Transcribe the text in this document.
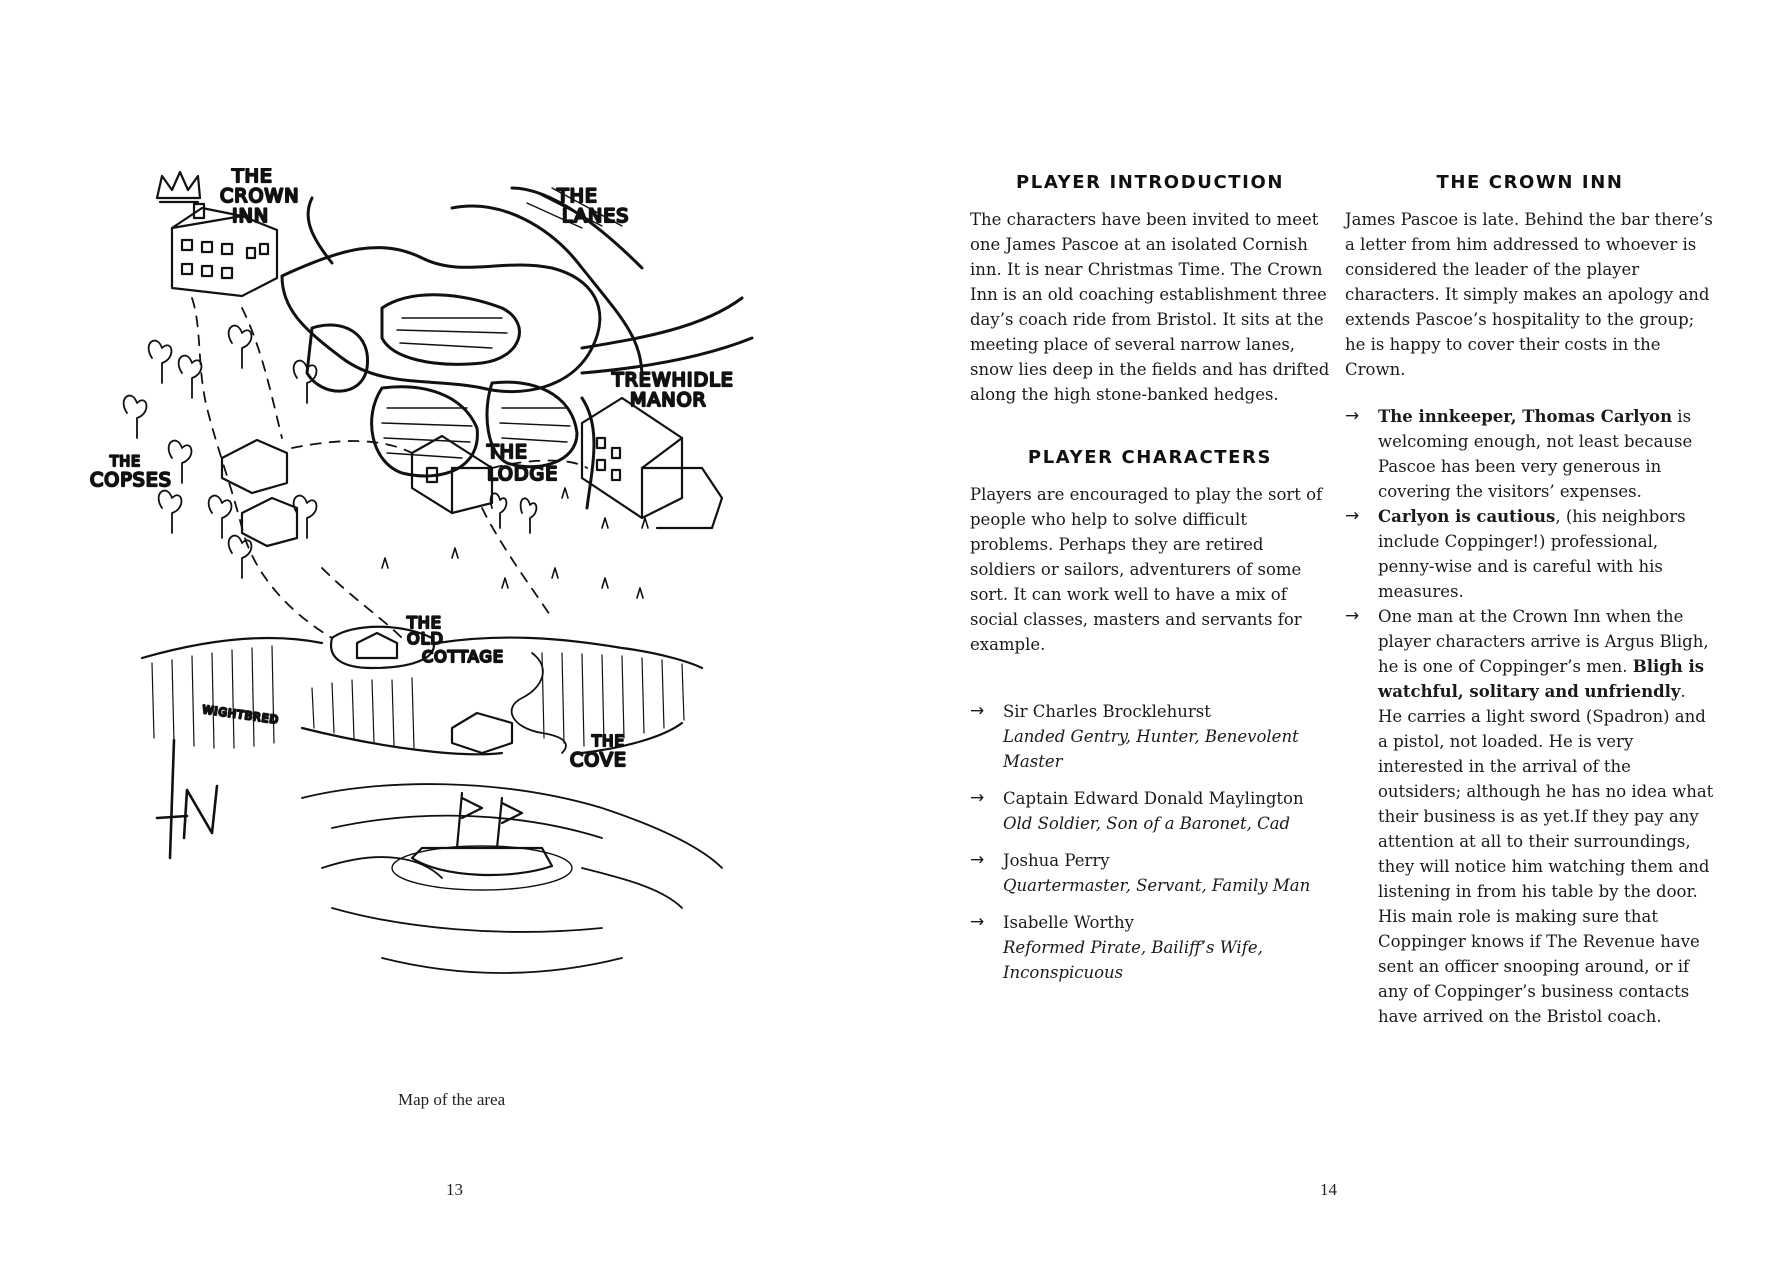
THE
CROWN
INN
THE
LANES
TREWHIDLE
MANOR
THE
LODGE
THE
COPSES
THE
OLD
COTTAGE
THE
COVE
WIGHTBRED
Map of the area
13
PLAYER INTRODUCTION

The characters have been invited to meet one James Pascoe at an isolated Cornish inn. It is near Christmas Time. The Crown Inn is an old coaching establishment three day’s coach ride from Bristol. It sits at the meeting place of several narrow lanes, snow lies deep in the fields and has drifted along the high stone-banked hedges.

PLAYER CHARACTERS

Players are encouraged to play the sort of people who help to solve difficult problems. Perhaps they are retired soldiers or sailors, adventurers of some sort. It can work well to have a mix of social classes, masters and servants for example.

→ Sir Charles Brocklehurst
Landed Gentry, Hunter, Benevolent Master
→ Captain Edward Donald Maylington
Old Soldier, Son of a Baronet, Cad
→ Joshua Perry
Quartermaster, Servant, Family Man
→ Isabelle Worthy
Reformed Pirate, Bailiff’s Wife, Inconspicuous
THE CROWN INN

James Pascoe is late. Behind the bar there’s a letter from him addressed to whoever is considered the leader of the player characters. It simply makes an apology and extends Pascoe’s hospitality to the group; he is happy to cover their costs in the Crown.

→ The innkeeper, Thomas Carlyon is welcoming enough, not least because Pascoe has been very generous in covering the visitors’ expenses.
→ Carlyon is cautious, (his neighbors include Coppinger!) professional, penny-wise and is careful with his measures.
→ One man at the Crown Inn when the player characters arrive is Argus Bligh, he is one of Coppinger’s men. Bligh is watchful, solitary and unfriendly. He carries a light sword (Spadron) and a pistol, not loaded. He is very interested in the arrival of the outsiders; although he has no idea what their business is as yet.If they pay any attention at all to their surroundings, they will notice him watching them and listening in from his table by the door. His main role is making sure that Coppinger knows if The Revenue have sent an officer snooping around, or if any of Coppinger’s business contacts have arrived on the Bristol coach.
14
